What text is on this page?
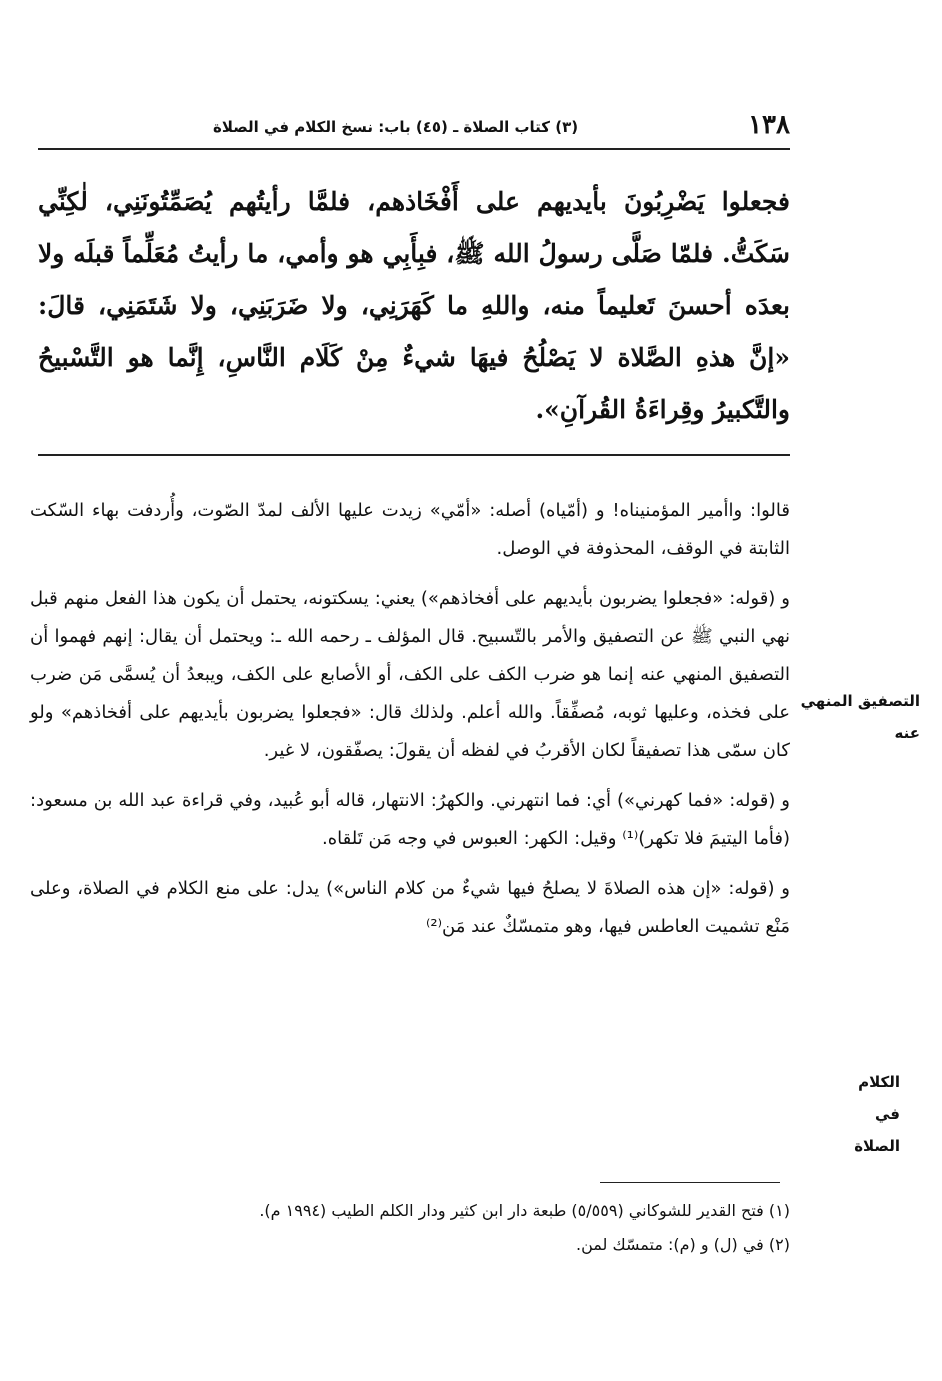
١٣٨
(٣) كتاب الصلاة ـ (٤٥) باب: نسخ الكلام في الصلاة
فجعلوا يَضْرِبُونَ بأيديهم على أَفْخَاذهم، فلمَّا رأيتُهم يُصَمِّتُونَنِي، لٰكِنِّي سَكَتُّ. فلمّا صَلَّى رسولُ الله ﷺ، فبِأَبِي هو وأمي، ما رأيتُ مُعَلِّماً قبلَه ولا بعدَه أحسنَ تَعليماً منه، واللهِ ما كَهَرَنِي، ولا ضَرَبَنِي، ولا شَتَمَنِي، قالَ: «إنَّ هذهِ الصَّلاة لا يَصْلُحُ فيهَا شيءٌ مِنْ كَلَام النَّاسِ، إِنَّما هو التَّسْبيحُ والتَّكبيرُ وقِراءَةُ القُرآنِ».

قالوا: واأمير المؤمنيناه! و (أمّياه) أصله: «أمّي» زيدت عليها الألف لمدّ الصّوت، وأُردفت بهاء السّكت الثابتة في الوقف، المحذوفة في الوصل.

و (قوله: «فجعلوا يضربون بأيديهم على أفخاذهم») يعني: يسكتونه، يحتمل أن يكون هذا الفعل منهم قبل نهي النبي ﷺ عن التصفيق والأمر بالتّسبيح. قال المؤلف ـ رحمه الله ـ: ويحتمل أن يقال: إنهم فهموا أن التصفيق المنهي عنه إنما هو ضرب الكف على الكف، أو الأصابع على الكف، ويبعدُ أن يُسمَّى مَن ضرب على فخذه، وعليها ثوبه، مُصفِّقاً. والله أعلم. ولذلك قال: «فجعلوا يضربون بأيديهم على أفخاذهم» ولو كان سمّى هذا تصفيقاً لكان الأقربُ في لفظه أن يقولَ: يصفّقون، لا غير.

و (قوله: «فما كهرني») أي: فما انتهرني. والكهرُ: الانتهار، قاله أبو عُبيد، وفي قراءة عبد الله بن مسعود: (فأما اليتيمَ فلا تكهر)⁽¹⁾ وقيل: الكهر: العبوس في وجه مَن تَلقاه.

و (قوله: «إن هذه الصلاةَ لا يصلحُ فيها شيءٌ من كلام الناس») يدل: على منع الكلام في الصلاة، وعلى مَنْع تشميت العاطس فيها، وهو متمسّكٌ عند مَن⁽²⁾

التصفيق المنهي عنه
الكلام في الصلاة
(١) فتح القدير للشوكاني (٥/٥٥٩) طبعة دار ابن كثير ودار الكلم الطيب (١٩٩٤ م).
(٢) في (ل) و (م): متمسّك لمن.
